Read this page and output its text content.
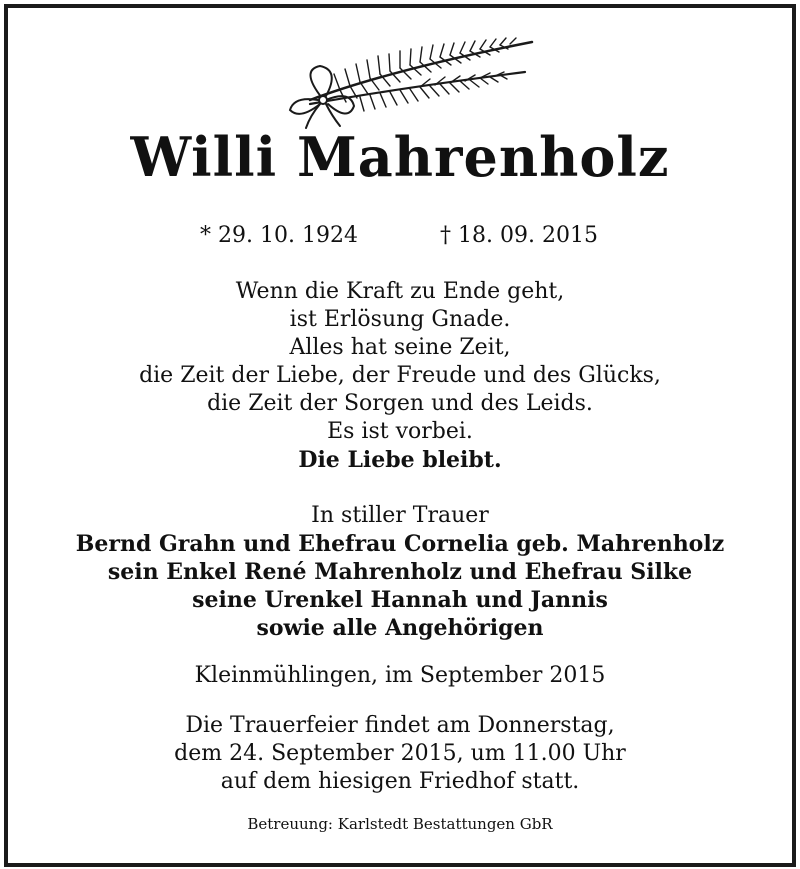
Willi Mahrenholz
* 29. 10. 1924	† 18. 09. 2015
Wenn die Kraft zu Ende geht,
ist Erlösung Gnade.
Alles hat seine Zeit,
die Zeit der Liebe, der Freude und des Glücks,
die Zeit der Sorgen und des Leids.
Es ist vorbei.
Die Liebe bleibt.
In stiller Trauer
Bernd Grahn und Ehefrau Cornelia geb. Mahrenholz
sein Enkel René Mahrenholz und Ehefrau Silke
seine Urenkel Hannah und Jannis
sowie alle Angehörigen
Kleinmühlingen, im September 2015
Die Trauerfeier findet am Donnerstag,
dem 24. September 2015, um 11.00 Uhr
auf dem hiesigen Friedhof statt.
Betreuung: Karlstedt Bestattungen GbR
